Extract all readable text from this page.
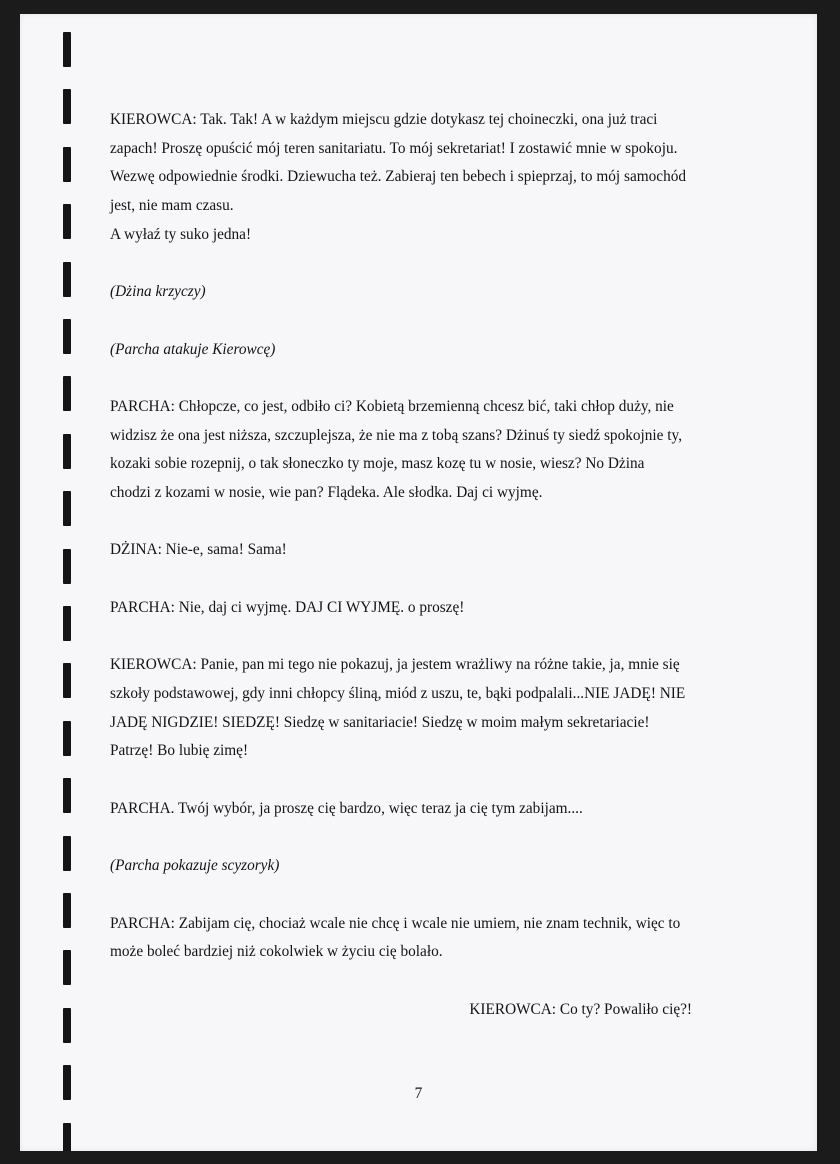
KIEROWCA: Tak. Tak! A w każdym miejscu gdzie dotykasz tej choineczki, ona już traci
zapach! Proszę opuścić mój teren sanitariatu. To mój sekretariat! I zostawić mnie w spokoju.
Wezwę odpowiednie środki. Dziewucha też. Zabieraj ten bebech i spieprzaj, to mój samochód
jest, nie mam czasu.
A wyłaź ty suko jedna!
(Dżina krzyczy)
(Parcha atakuje Kierowcę)
PARCHA: Chłopcze, co jest, odbiło ci? Kobietą brzemienną chcesz bić, taki chłop duży, nie
widzisz że ona jest niższa, szczuplejsza, że nie ma z tobą szans? Dżinuś ty siedź spokojnie ty,
kozaki sobie rozepnij, o tak słoneczko ty moje, masz kozę tu w nosie, wiesz? No Dżina
chodzi z kozami w nosie, wie pan? Flądeka. Ale słodka. Daj ci wyjmę.
DŻINA: Nie-e, sama! Sama!
PARCHA: Nie, daj ci wyjmę. DAJ CI WYJMĘ. o proszę!
KIEROWCA: Panie, pan mi tego nie pokazuj, ja jestem wrażliwy na różne takie, ja, mnie się
szkoły podstawowej, gdy inni chłopcy śliną, miód z uszu, te, bąki podpalali...NIE JADĘ! NIE
JADĘ NIGDZIE! SIEDZĘ! Siedzę w sanitariacie! Siedzę w moim małym sekretariacie!
Patrzę! Bo lubię zimę!
PARCHA. Twój wybór, ja proszę cię bardzo, więc teraz ja cię tym zabijam....
(Parcha pokazuje scyzoryk)
PARCHA: Zabijam cię, chociaż wcale nie chcę i wcale nie umiem, nie znam technik, więc to
może boleć bardziej niż cokolwiek w życiu cię bolało.
KIEROWCA: Co ty? Powaliło cię?!
7
